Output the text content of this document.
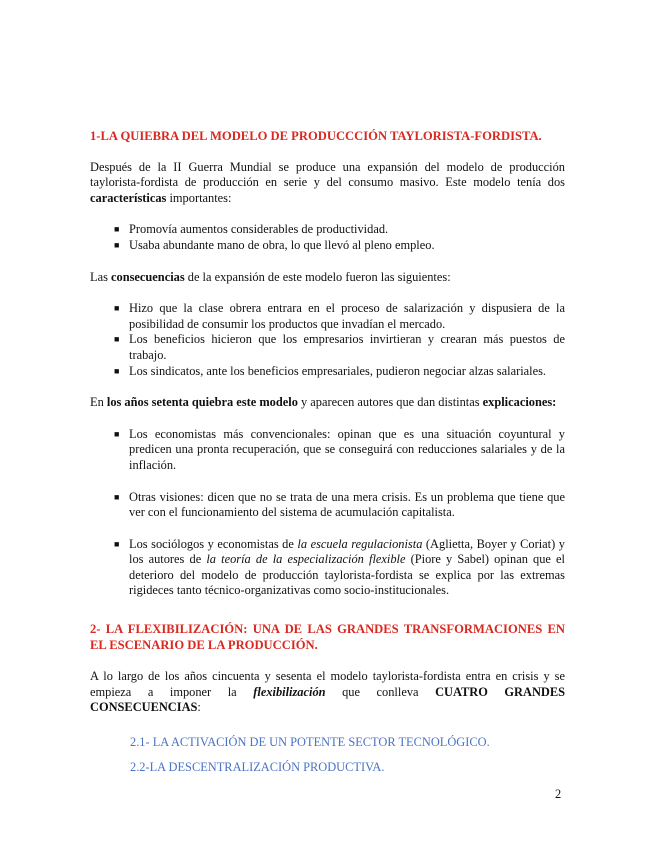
1-LA QUIEBRA DEL MODELO DE PRODUCCCIÓN TAYLORISTA-FORDISTA.

Después de la II Guerra Mundial se produce una expansión del modelo de producción taylorista-fordista de producción en serie y del consumo masivo. Este modelo tenía dos características importantes:

■ Promovía aumentos considerables de productividad.
■ Usaba abundante mano de obra, lo que llevó al pleno empleo.

Las consecuencias de la expansión de este modelo fueron las siguientes:

■ Hizo que la clase obrera entrara en el proceso de salarización y dispusiera de la posibilidad de consumir los productos que invadían el mercado.
■ Los beneficios hicieron que los empresarios invirtieran y crearan más puestos de trabajo.
■ Los sindicatos, ante los beneficios empresariales, pudieron negociar alzas salariales.

En los años setenta quiebra este modelo y aparecen autores que dan distintas explicaciones:

■ Los economistas más convencionales: opinan que es una situación coyuntural y predicen una pronta recuperación, que se conseguirá con reducciones salariales y de la inflación.
■ Otras visiones: dicen que no se trata de una mera crisis. Es un problema que tiene que ver con el funcionamiento del sistema de acumulación capitalista.
■ Los sociólogos y economistas de la escuela regulacionista (Aglietta, Boyer y Coriat) y los autores de la teoría de la especialización flexible (Piore y Sabel) opinan que el deterioro del modelo de producción taylorista-fordista se explica por las extremas rigideces tanto técnico-organizativas como socio-institucionales.
2- LA FLEXIBILIZACIÓN: UNA DE LAS GRANDES TRANSFORMACIONES EN EL ESCENARIO DE LA PRODUCCIÓN.

A lo largo de los años cincuenta y sesenta el modelo taylorista-fordista entra en crisis y se empieza a imponer la flexibilización que conlleva CUATRO GRANDES CONSECUENCIAS:

2.1- LA ACTIVACIÓN DE UN POTENTE SECTOR TECNOLÓGICO.
2.2-LA DESCENTRALIZACIÓN PRODUCTIVA.
2
